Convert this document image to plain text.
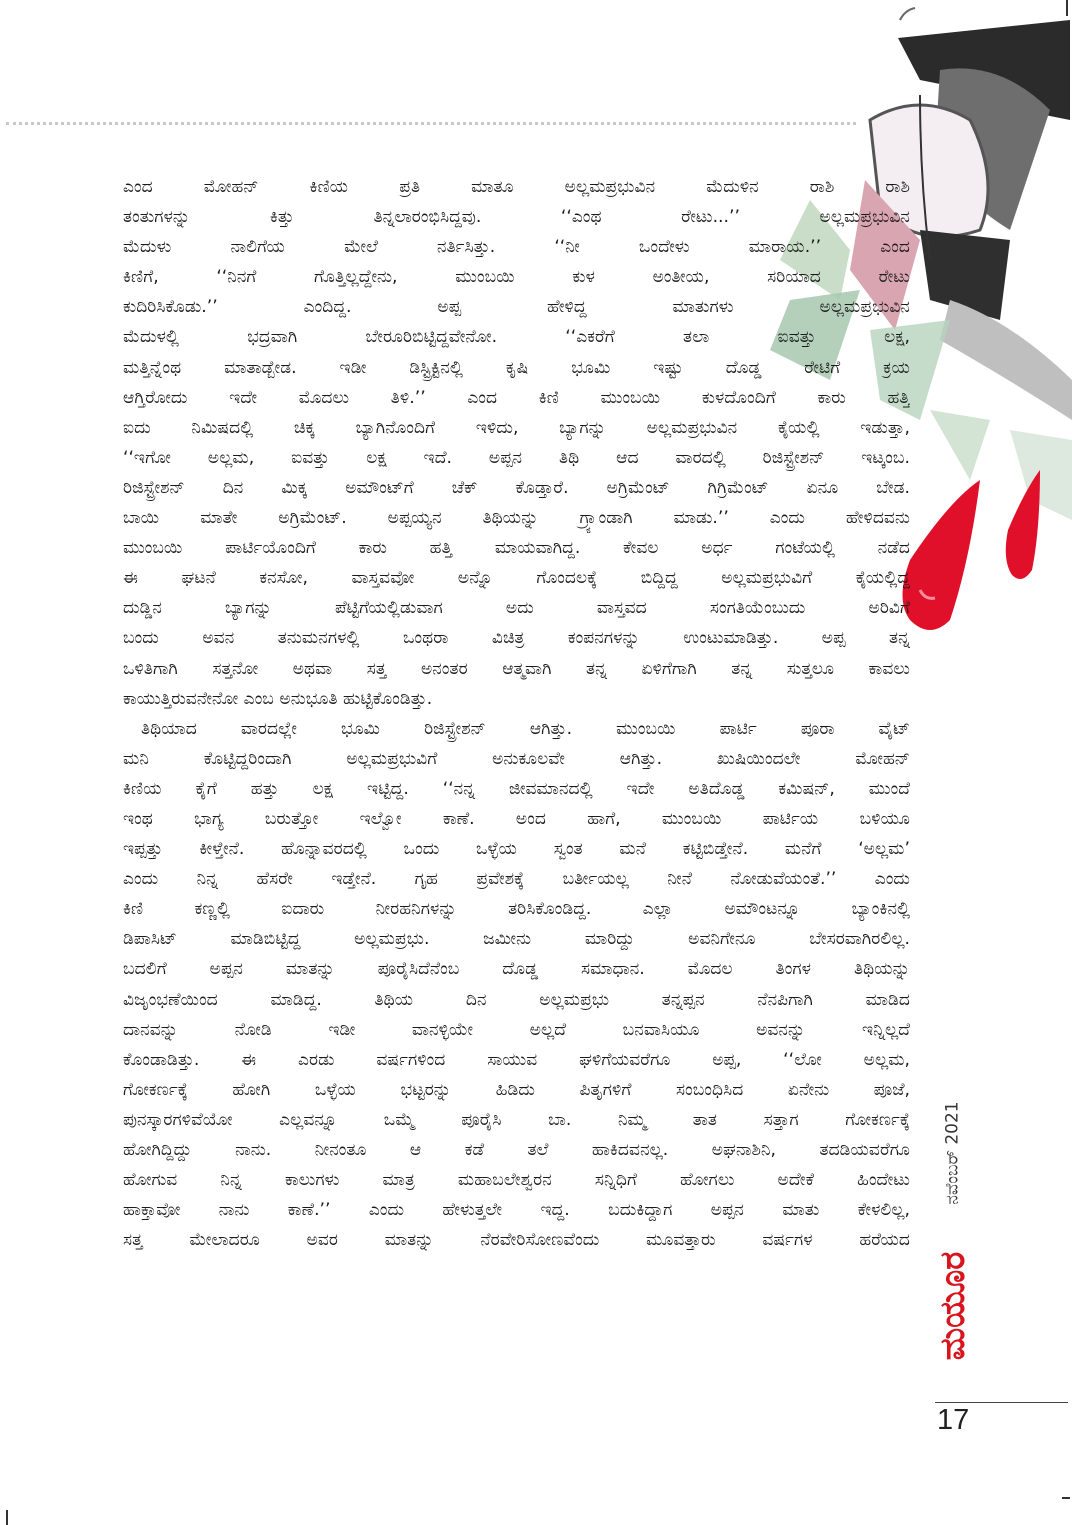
ಎಂದ ಮೋಹನ್ ಕಿಣಿಯ ಪ್ರತಿ ಮಾತೂ ಅಲ್ಲಮಪ್ರಭುವಿನ ಮೆದುಳಿನ ರಾಶಿ ರಾಶಿ
ತಂತುಗಳನ್ನು ಕಿತ್ತು ತಿನ್ನಲಾರಂಭಿಸಿದ್ದವು. ‘‘ಎಂಥ ರೇಟು...’’ ಅಲ್ಲಮಪ್ರಭುವಿನ
ಮೆದುಳು ನಾಲಿಗೆಯ ಮೇಲೆ ನರ್ತಿಸಿತ್ತು. ‘‘ನೀ ಒಂದೇಳು ಮಾರಾಯ.’’ ಎಂದ
ಕಿಣಿಗೆ, ‘‘ನಿನಗೆ ಗೊತ್ತಿಲ್ಲದ್ದೇನು, ಮುಂಬಯಿ ಕುಳ ಅಂತೀಯ, ಸರಿಯಾದ ರೇಟು
ಕುದಿರಿಸಿಕೊಡು.’’ ಎಂದಿದ್ದ. ಅಪ್ಪ ಹೇಳಿದ್ದ ಮಾತುಗಳು ಅಲ್ಲಮಪ್ರಭುವಿನ
ಮೆದುಳಲ್ಲಿ ಭದ್ರವಾಗಿ ಬೇರೂರಿಬಿಟ್ಟಿದ್ದವೇನೋ. ‘‘ಎಕರೆಗೆ ತಲಾ ಐವತ್ತು ಲಕ್ಷ,
ಮತ್ತಿನ್ನೆಂಥ ಮಾತಾಡ್ಬೇಡ. ಇಡೀ ಡಿಸ್ಟ್ರಿಕ್ಟಿನಲ್ಲಿ ಕೃಷಿ ಭೂಮಿ ಇಷ್ಟು ದೊಡ್ಡ ರೇಟಿಗೆ ಕ್ರಯ
ಆಗ್ತಿರೋದು ಇದೇ ಮೊದಲು ತಿಳಿ.’’ ಎಂದ ಕಿಣಿ ಮುಂಬಯಿ ಕುಳದೊಂದಿಗೆ ಕಾರು ಹತ್ತಿ
ಐದು ನಿಮಿಷದಲ್ಲಿ ಚಿಕ್ಕ ಬ್ಯಾಗಿನೊಂದಿಗೆ ಇಳಿದು, ಬ್ಯಾಗನ್ನು ಅಲ್ಲಮಪ್ರಭುವಿನ ಕೈಯಲ್ಲಿ ಇಡುತ್ತಾ,
‘‘ಇಗೋ ಅಲ್ಲಮ, ಐವತ್ತು ಲಕ್ಷ ಇದೆ. ಅಪ್ಪನ ತಿಥಿ ಆದ ವಾರದಲ್ಲಿ ರಿಜಿಸ್ಟ್ರೇಶನ್ ಇಟ್ಕಂಬ.
ರಿಜಿಸ್ಟ್ರೇಶನ್ ದಿನ ಮಿಕ್ಕ ಅಮೌಂಟ್‌ಗೆ ಚೆಕ್ ಕೊಡ್ತಾರೆ. ಅಗ್ರಿಮೆಂಟ್ ಗಿಗ್ರಿಮೆಂಟ್ ಏನೂ ಬೇಡ.
ಬಾಯಿ ಮಾತೇ ಅಗ್ರಿಮೆಂಟ್. ಅಪ್ಪಯ್ಯನ ತಿಥಿಯನ್ನು ಗ್ರ್ಯಾಂಡಾಗಿ ಮಾಡು.’’ ಎಂದು ಹೇಳಿದವನು
ಮುಂಬಯಿ ಪಾರ್ಟಿಯೊಂದಿಗೆ ಕಾರು ಹತ್ತಿ ಮಾಯವಾಗಿದ್ದ. ಕೇವಲ ಅರ್ಧ ಗಂಟೆಯಲ್ಲಿ ನಡೆದ
ಈ ಘಟನೆ ಕನಸೋ, ವಾಸ್ತವವೋ ಅನ್ನೊ ಗೊಂದಲಕ್ಕೆ ಬಿದ್ದಿದ್ದ ಅಲ್ಲಮಪ್ರಭುವಿಗೆ ಕೈಯಲ್ಲಿದ್ದ
ದುಡ್ಡಿನ ಬ್ಯಾಗನ್ನು ಪೆಟ್ಟಿಗೆಯಲ್ಲಿಡುವಾಗ ಅದು ವಾಸ್ತವದ ಸಂಗತಿಯೆಂಬುದು ಅರಿವಿಗೆ
ಬಂದು ಅವನ ತನುಮನಗಳಲ್ಲಿ ಒಂಥರಾ ವಿಚಿತ್ರ ಕಂಪನಗಳನ್ನು ಉಂಟುಮಾಡಿತ್ತು. ಅಪ್ಪ ತನ್ನ
ಒಳಿತಿಗಾಗಿ ಸತ್ತನೋ ಅಥವಾ ಸತ್ತ ಅನಂತರ ಆತ್ಮವಾಗಿ ತನ್ನ ಏಳಿಗೆಗಾಗಿ ತನ್ನ ಸುತ್ತಲೂ ಕಾವಲು
ಕಾಯುತ್ತಿರುವನೇನೋ ಎಂಬ ಅನುಭೂತಿ ಹುಟ್ಟಿಕೊಂಡಿತ್ತು.
ತಿಥಿಯಾದ ವಾರದಲ್ಲೇ ಭೂಮಿ ರಿಜಿಸ್ಟ್ರೇಶನ್ ಆಗಿತ್ತು. ಮುಂಬಯಿ ಪಾರ್ಟಿ ಪೂರಾ ವೈಟ್
ಮನಿ ಕೊಟ್ಟಿದ್ದರಿಂದಾಗಿ ಅಲ್ಲಮಪ್ರಭುವಿಗೆ ಅನುಕೂಲವೇ ಆಗಿತ್ತು. ಖುಷಿಯಿಂದಲೇ ಮೋಹನ್
ಕಿಣಿಯ ಕೈಗೆ ಹತ್ತು ಲಕ್ಷ ಇಟ್ಟಿದ್ದ. ‘‘ನನ್ನ ಜೀವಮಾನದಲ್ಲಿ ಇದೇ ಅತಿದೊಡ್ಡ ಕಮಿಷನ್, ಮುಂದೆ
ಇಂಥ ಭಾಗ್ಯ ಬರುತ್ತೋ ಇಲ್ವೋ ಕಾಣೆ. ಅಂದ ಹಾಗೆ, ಮುಂಬಯಿ ಪಾರ್ಟಿಯ ಬಳಿಯೂ
ಇಪ್ಪತ್ತು ಕೀಳ್ತೇನೆ. ಹೊನ್ನಾವರದಲ್ಲಿ ಒಂದು ಒಳ್ಳೆಯ ಸ್ವಂತ ಮನೆ ಕಟ್ಟಿಬಿಡ್ತೇನೆ. ಮನೆಗೆ ‘ಅಲ್ಲಮ’
ಎಂದು ನಿನ್ನ ಹೆಸರೇ ಇಡ್ತೇನೆ. ಗೃಹ ಪ್ರವೇಶಕ್ಕೆ ಬರ್ತೀಯಲ್ಲ ನೀನೆ ನೋಡುವೆಯಂತೆ.’’ ಎಂದು
ಕಿಣಿ ಕಣ್ಣಲ್ಲಿ ಐದಾರು ನೀರಹನಿಗಳನ್ನು ತರಿಸಿಕೊಂಡಿದ್ದ. ಎಲ್ಲಾ ಅಮೌಂಟನ್ನೂ ಬ್ಯಾಂಕಿನಲ್ಲಿ
ಡಿಪಾಸಿಟ್ ಮಾಡಿಬಿಟ್ಟಿದ್ದ ಅಲ್ಲಮಪ್ರಭು. ಜಮೀನು ಮಾರಿದ್ದು ಅವನಿಗೇನೂ ಬೇಸರವಾಗಿರಲಿಲ್ಲ.
ಬದಲಿಗೆ ಅಪ್ಪನ ಮಾತನ್ನು ಪೂರೈಸಿದೆನೆಂಬ ದೊಡ್ಡ ಸಮಾಧಾನ. ಮೊದಲ ತಿಂಗಳ ತಿಥಿಯನ್ನು
ವಿಜೃಂಭಣೆಯಿಂದ ಮಾಡಿದ್ದ. ತಿಥಿಯ ದಿನ ಅಲ್ಲಮಪ್ರಭು ತನ್ನಪ್ಪನ ನೆನಪಿಗಾಗಿ ಮಾಡಿದ
ದಾನವನ್ನು ನೋಡಿ ಇಡೀ ವಾನಳ್ಳಿಯೇ ಅಲ್ಲದೆ ಬನವಾಸಿಯೂ ಅವನನ್ನು ಇನ್ನಿಲ್ಲದೆ
ಕೊಂಡಾಡಿತ್ತು. ಈ ಎರಡು ವರ್ಷಗಳಿಂದ ಸಾಯುವ ಘಳಿಗೆಯವರೆಗೂ ಅಪ್ಪ, ‘‘ಲೋ ಅಲ್ಲಮ,
ಗೋಕರ್ಣಕ್ಕೆ ಹೋಗಿ ಒಳ್ಳೆಯ ಭಟ್ಟರನ್ನು ಹಿಡಿದು ಪಿತೃಗಳಿಗೆ ಸಂಬಂಧಿಸಿದ ಏನೇನು ಪೂಜೆ,
ಪುನಸ್ಕಾರಗಳಿವೆಯೋ ಎಲ್ಲವನ್ನೂ ಒಮ್ಮೆ ಪೂರೈಸಿ ಬಾ. ನಿಮ್ಮ ತಾತ ಸತ್ತಾಗ ಗೋಕರ್ಣಕ್ಕೆ
ಹೋಗಿದ್ದಿದ್ದು ನಾನು. ನೀನಂತೂ ಆ ಕಡೆ ತಲೆ ಹಾಕಿದವನಲ್ಲ. ಅಘನಾಶಿನಿ, ತದಡಿಯವರೆಗೂ
ಹೋಗುವ ನಿನ್ನ ಕಾಲುಗಳು ಮಾತ್ರ ಮಹಾಬಲೇಶ್ವರನ ಸನ್ನಿಧಿಗೆ ಹೋಗಲು ಅದೇಕೆ ಹಿಂದೇಟು
ಹಾಕ್ತಾವೋ ನಾನು ಕಾಣೆ.’’ ಎಂದು ಹೇಳುತ್ತಲೇ ಇದ್ದ. ಬದುಕಿದ್ದಾಗ ಅಪ್ಪನ ಮಾತು ಕೇಳಲಿಲ್ಲ,
ಸತ್ತ ಮೇಲಾದರೂ ಅವರ ಮಾತನ್ನು ನೆರವೇರಿಸೋಣವೆಂದು ಮೂವತ್ತಾರು ವರ್ಷಗಳ ಹರೆಯದ
ನವೆಂಬರ್ 2021
ಮಯೂರ
17
